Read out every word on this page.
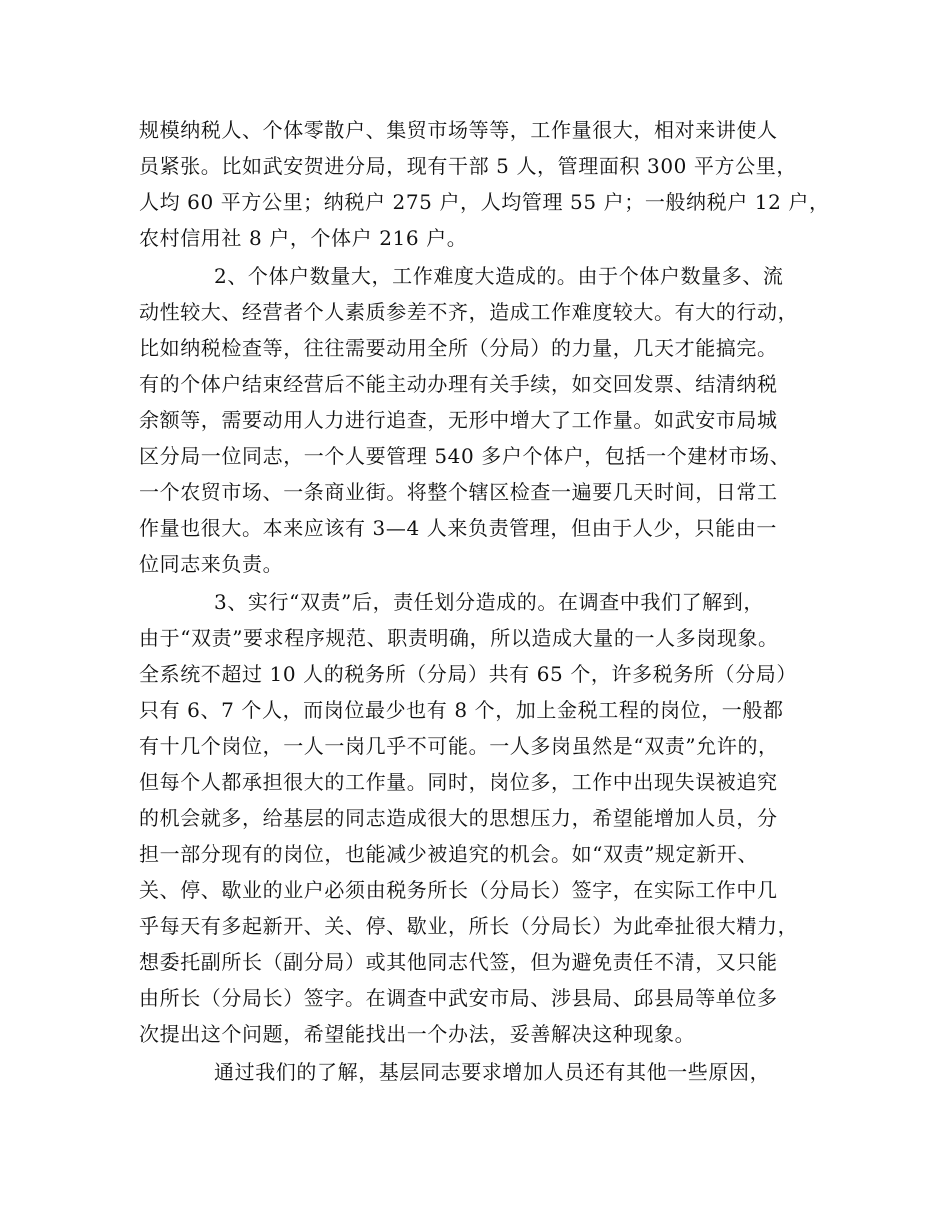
规模纳税人、个体零散户、集贸市场等等，工作量很大，相对来讲使人
员紧张。比如武安贺进分局，现有干部 5 人，管理面积 300 平方公里，
人均 60 平方公里；纳税户 275 户，人均管理 55 户；一般纳税户 12 户，
农村信用社 8 户，个体户 216 户。
2、个体户数量大，工作难度大造成的。由于个体户数量多、流
动性较大、经营者个人素质参差不齐，造成工作难度较大。有大的行动，
比如纳税检查等，往往需要动用全所（分局）的力量，几天才能搞完。
有的个体户结束经营后不能主动办理有关手续，如交回发票、结清纳税
余额等，需要动用人力进行追查，无形中增大了工作量。如武安市局城
区分局一位同志，一个人要管理 540 多户个体户，包括一个建材市场、
一个农贸市场、一条商业街。将整个辖区检查一遍要几天时间，日常工
作量也很大。本来应该有 3—4 人来负责管理，但由于人少，只能由一
位同志来负责。
3、实行“双责”后，责任划分造成的。在调查中我们了解到，
由于“双责”要求程序规范、职责明确，所以造成大量的一人多岗现象。
全系统不超过 10 人的税务所（分局）共有 65 个，许多税务所（分局）
只有 6、7 个人，而岗位最少也有 8 个，加上金税工程的岗位，一般都
有十几个岗位，一人一岗几乎不可能。一人多岗虽然是“双责”允许的，
但每个人都承担很大的工作量。同时，岗位多，工作中出现失误被追究
的机会就多，给基层的同志造成很大的思想压力，希望能增加人员，分
担一部分现有的岗位，也能减少被追究的机会。如“双责”规定新开、
关、停、歇业的业户必须由税务所长（分局长）签字，在实际工作中几
乎每天有多起新开、关、停、歇业，所长（分局长）为此牵扯很大精力，
想委托副所长（副分局）或其他同志代签，但为避免责任不清，又只能
由所长（分局长）签字。在调查中武安市局、涉县局、邱县局等单位多
次提出这个问题，希望能找出一个办法，妥善解决这种现象。
通过我们的了解，基层同志要求增加人员还有其他一些原因，
